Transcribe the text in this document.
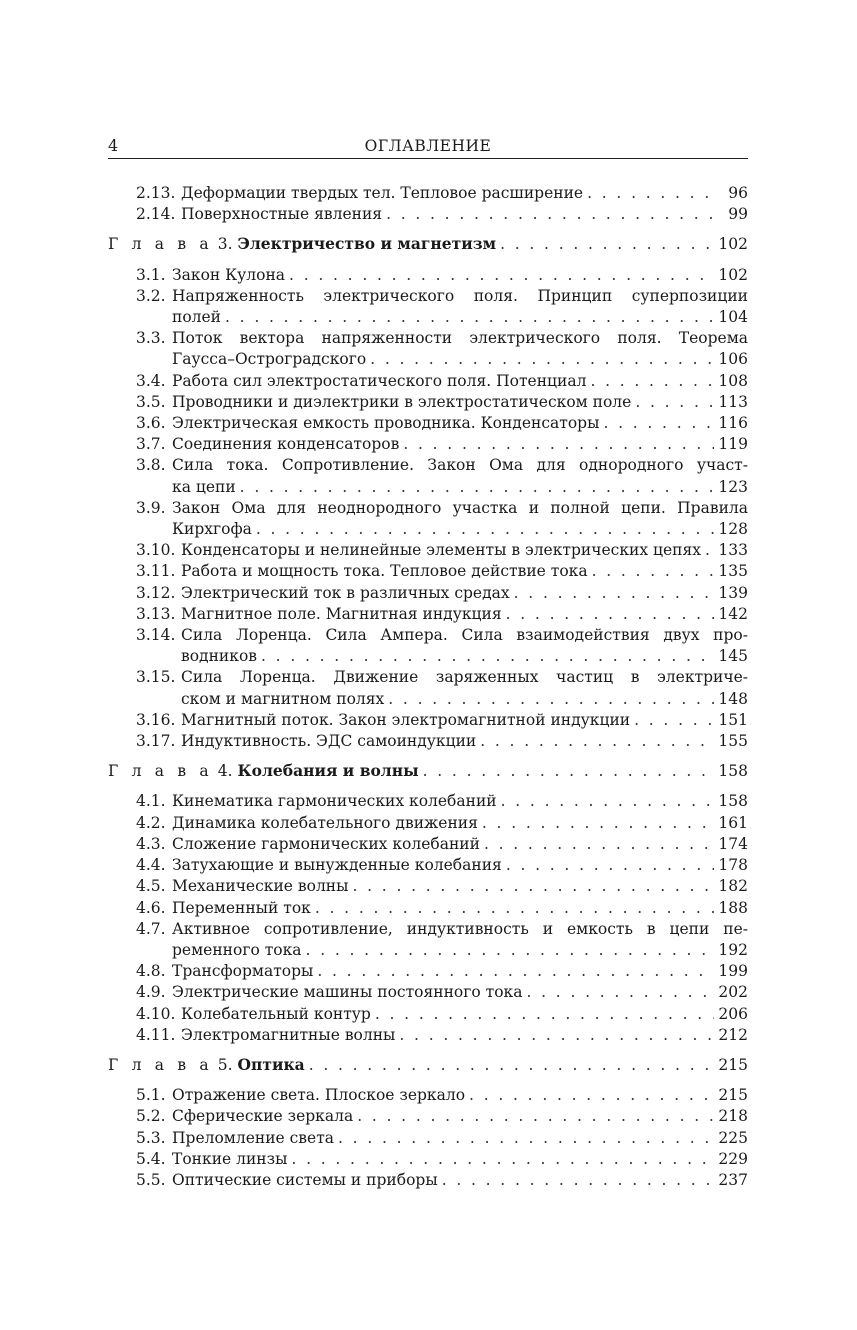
4	ОГЛАВЛЕНИЕ
2.13. Деформации твердых тел. Тепловое расширение . . .	96
2.14. Поверхностные явления . . .	99
Г л а в а 3. Электричество и магнетизм . . .	102
3.1. Закон Кулона . . .	102
3.2. Напряженность электрического поля. Принцип суперпозиции
полей . . .	104
3.3. Поток вектора напряженности электрического поля. Теорема
Гаусса–Остроградского . . .	106
3.4. Работа сил электростатического поля. Потенциал . . .	108
3.5. Проводники и диэлектрики в электростатическом поле . . .	113
3.6. Электрическая емкость проводника. Конденсаторы . . .	116
3.7. Соединения конденсаторов . . .	119
3.8. Сила тока. Сопротивление. Закон Ома для однородного участ-
ка цепи . . .	123
3.9. Закон Ома для неоднородного участка и полной цепи. Правила
Кирхгофа . . .	128
3.10. Конденсаторы и нелинейные элементы в электрических цепях . . . 133
3.11. Работа и мощность тока. Тепловое действие тока . . .	135
3.12. Электрический ток в различных средах . . .	139
3.13. Магнитное поле. Магнитная индукция . . .	142
3.14. Сила Лоренца. Сила Ампера. Сила взаимодействия двух про-
водников . . .	145
3.15. Сила Лоренца. Движение заряженных частиц в электриче-
ском и магнитном полях . . .	148
3.16. Магнитный поток. Закон электромагнитной индукции . . .	151
3.17. Индуктивность. ЭДС самоиндукции . . .	155
Г л а в а 4. Колебания и волны . . .	158
4.1. Кинематика гармонических колебаний . . .	158
4.2. Динамика колебательного движения . . .	161
4.3. Сложение гармонических колебаний . . .	174
4.4. Затухающие и вынужденные колебания . . .	178
4.5. Механические волны . . .	182
4.6. Переменный ток . . .	188
4.7. Активное сопротивление, индуктивность и емкость в цепи пе-
ременного тока . . .	192
4.8. Трансформаторы . . .	199
4.9. Электрические машины постоянного тока . . .	202
4.10. Колебательный контур . . .	206
4.11. Электромагнитные волны . . .	212
Г л а в а 5. Оптика . . .	215
5.1. Отражение света. Плоское зеркало . . .	215
5.2. Сферические зеркала . . .	218
5.3. Преломление света . . .	225
5.4. Тонкие линзы . . .	229
5.5. Оптические системы и приборы . . .	237
